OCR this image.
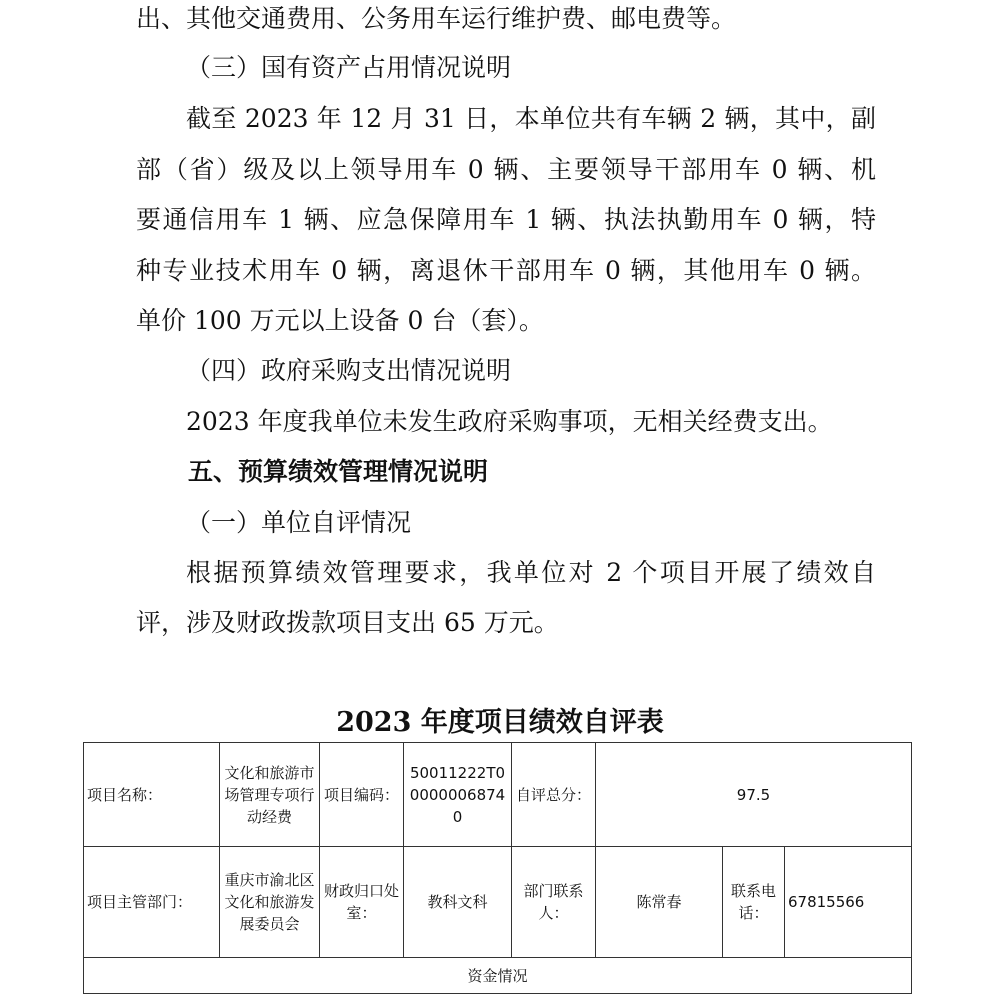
出、其他交通费用、公务用车运行维护费、邮电费等。
（三）国有资产占用情况说明
截至 2023 年 12 月 31 日，本单位共有车辆 2 辆，其中，副
部（省）级及以上领导用车 0 辆、主要领导干部用车 0 辆、机
要通信用车 1 辆、应急保障用车 1 辆、执法执勤用车 0 辆，特
种专业技术用车 0 辆，离退休干部用车 0 辆，其他用车 0 辆。
单价 100 万元以上设备 0 台（套）。
（四）政府采购支出情况说明
2023 年度我单位未发生政府采购事项，无相关经费支出。
五、预算绩效管理情况说明
（一）单位自评情况
根据预算绩效管理要求，我单位对 2 个项目开展了绩效自
评，涉及财政拨款项目支出 65 万元。
2023 年度项目绩效自评表
项目名称：	文化和旅游市场管理专项行动经费	项目编码：	50011222T000000068740	自评总分：	97.5		
项目主管部门：	重庆市渝北区文化和旅游发展委员会	财政归口处室：	教科文科	部门联系人：	陈常春	联系电话：	67815566
资金情况							
